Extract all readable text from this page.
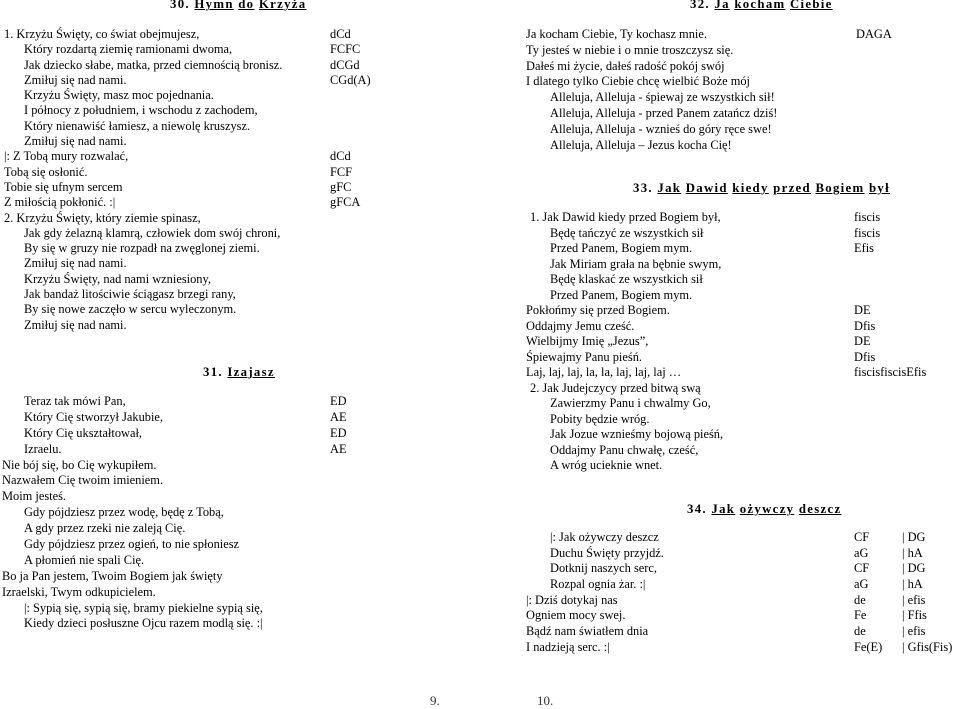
30. Hymn do Krzyża
1. Krzyżu Święty, co świat obejmujesz,	dCd
Który rozdartą ziemię ramionami dwoma,	FCFC
Jak dziecko słabe, matka, przed ciemnością bronisz.	dCGd
Zmiłuj się nad nami.	CGd(A)
Krzyżu Święty, masz moc pojednania.
I północy z południem, i wschodu z zachodem,
Który nienawiść łamiesz, a niewolę kruszysz.
Zmiłuj się nad nami.
|: Z Tobą mury rozwalać,	dCd
Tobą się osłonić.	FCF
Tobie się ufnym sercem	gFC
Z miłością pokłonić. :|	gFCA
2. Krzyżu Święty, który ziemie spinasz,
Jak gdy żelazną klamrą, człowiek dom swój chroni,
By się w gruzy nie rozpadł na zwęglonej ziemi.
Zmiłuj się nad nami.
Krzyżu Święty, nad nami wzniesiony,
Jak bandaż litościwie ściągasz brzegi rany,
By się nowe zaczęło w sercu wyleczonym.
Zmiłuj się nad nami.
31. Izajasz
Teraz tak mówi Pan,	ED
Który Cię stworzył Jakubie,	AE
Który Cię ukształtował,	ED
Izraelu.	AE
Nie bój się, bo Cię wykupiłem.
Nazwałem Cię twoim imieniem.
Moim jesteś.
Gdy pójdziesz przez wodę, będę z Tobą,
A gdy przez rzeki nie zaleją Cię.
Gdy pójdziesz przez ogień, to nie spłoniesz
A płomień nie spali Cię.
Bo ja Pan jestem, Twoim Bogiem jak święty
Izraelski, Twym odkupicielem.
|: Sypią się, sypią się, bramy piekielne sypią się,
Kiedy dzieci posłuszne Ojcu razem modlą się. :|
9.
32. Ja kocham Ciebie
Ja kocham Ciebie, Ty kochasz mnie.	DAGA
Ty jesteś w niebie i o mnie troszczysz się.
Dałeś mi życie, dałeś radość pokój swój
I dlatego tylko Ciebie chcę wielbić Boże mój
Alleluja, Alleluja - śpiewaj ze wszystkich sił!
Alleluja, Alleluja - przed Panem zatańcz dziś!
Alleluja, Alleluja - wznieś do góry ręce swe!
Alleluja, Alleluja – Jezus kocha Cię!
33. Jak Dawid kiedy przed Bogiem był
1. Jak Dawid kiedy przed Bogiem był,	fiscis
Będę tańczyć ze wszystkich sił	fiscis
Przed Panem, Bogiem mym.	Efis
Jak Miriam grała na bębnie swym,
Będę klaskać ze wszystkich sił
Przed Panem, Bogiem mym.
Pokłońmy się przed Bogiem.	DE
Oddajmy Jemu cześć.	Dfis
Wielbijmy Imię „Jezus”,	DE
Śpiewajmy Panu pieśń.	Dfis
Laj, laj, laj, la, la, laj, laj, laj …	fiscisfiscisEfis
2. Jak Judejczycy przed bitwą swą
Zawierzmy Panu i chwalmy Go,
Pobity będzie wróg.
Jak Jozue wznieśmy bojową pieśń,
Oddajmy Panu chwałę, cześć,
A wróg ucieknie wnet.
34. Jak ożywczy deszcz
|: Jak ożywczy deszcz	CF	| DG
Duchu Święty przyjdź.	aG	| hA
Dotknij naszych serc,	CF	| DG
Rozpal ognia żar. :|	aG	| hA
|: Dziś dotykaj nas	de	| efis
Ogniem mocy swej.	Fe	| Ffis
Bądź nam światłem dnia	de	| efis
I nadzieją serc. :|	Fe(E) | Gfis(Fis)
10.
